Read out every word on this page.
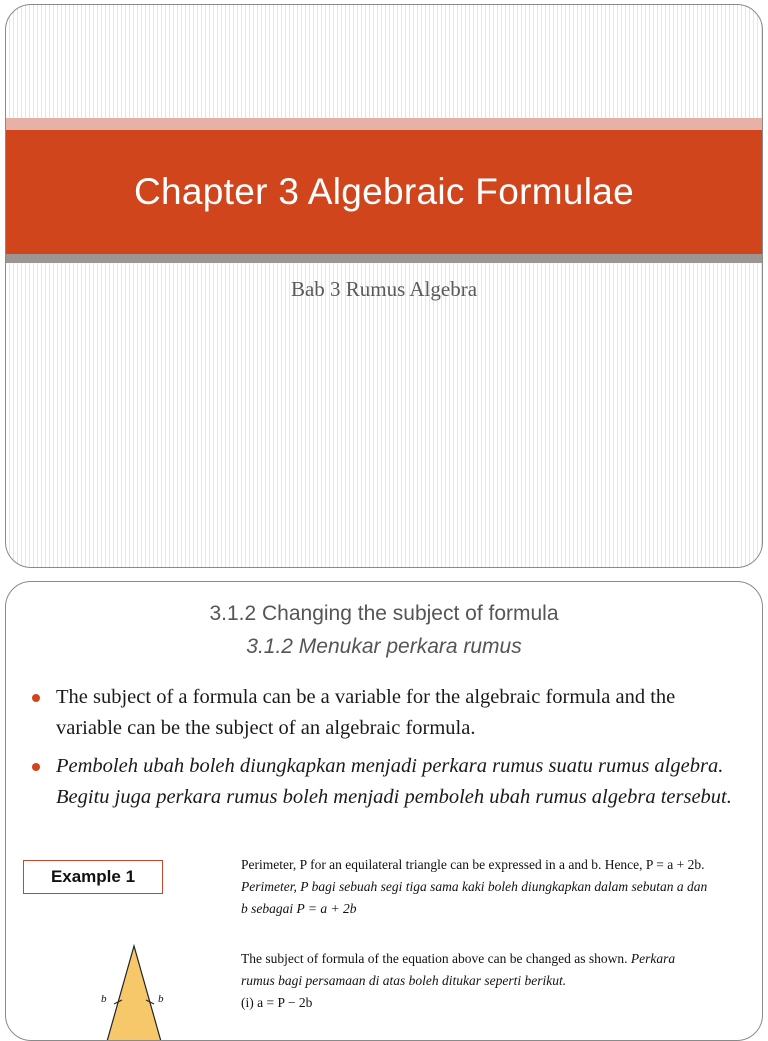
Chapter 3 Algebraic Formulae
Bab 3 Rumus Algebra
3.1.2 Changing the subject of formula
3.1.2 Menukar perkara rumus
The subject of a formula can be a variable for the algebraic formula and the variable can be the subject of an algebraic formula.
Pemboleh ubah boleh diungkapkan menjadi perkara rumus suatu rumus algebra. Begitu juga perkara rumus boleh menjadi pemboleh ubah rumus algebra tersebut.
Example 1
Perimeter, P for an equilateral triangle can be expressed in a and b. Hence, P = a + 2b. Perimeter, P bagi sebuah segi tiga sama kaki boleh diungkapkan dalam sebutan a dan b sebagai P = a + 2b
The subject of formula of the equation above can be changed as shown. Perkara rumus bagi persamaan di atas boleh ditukar seperti berikut.
(i) a = P − 2b
b	b
